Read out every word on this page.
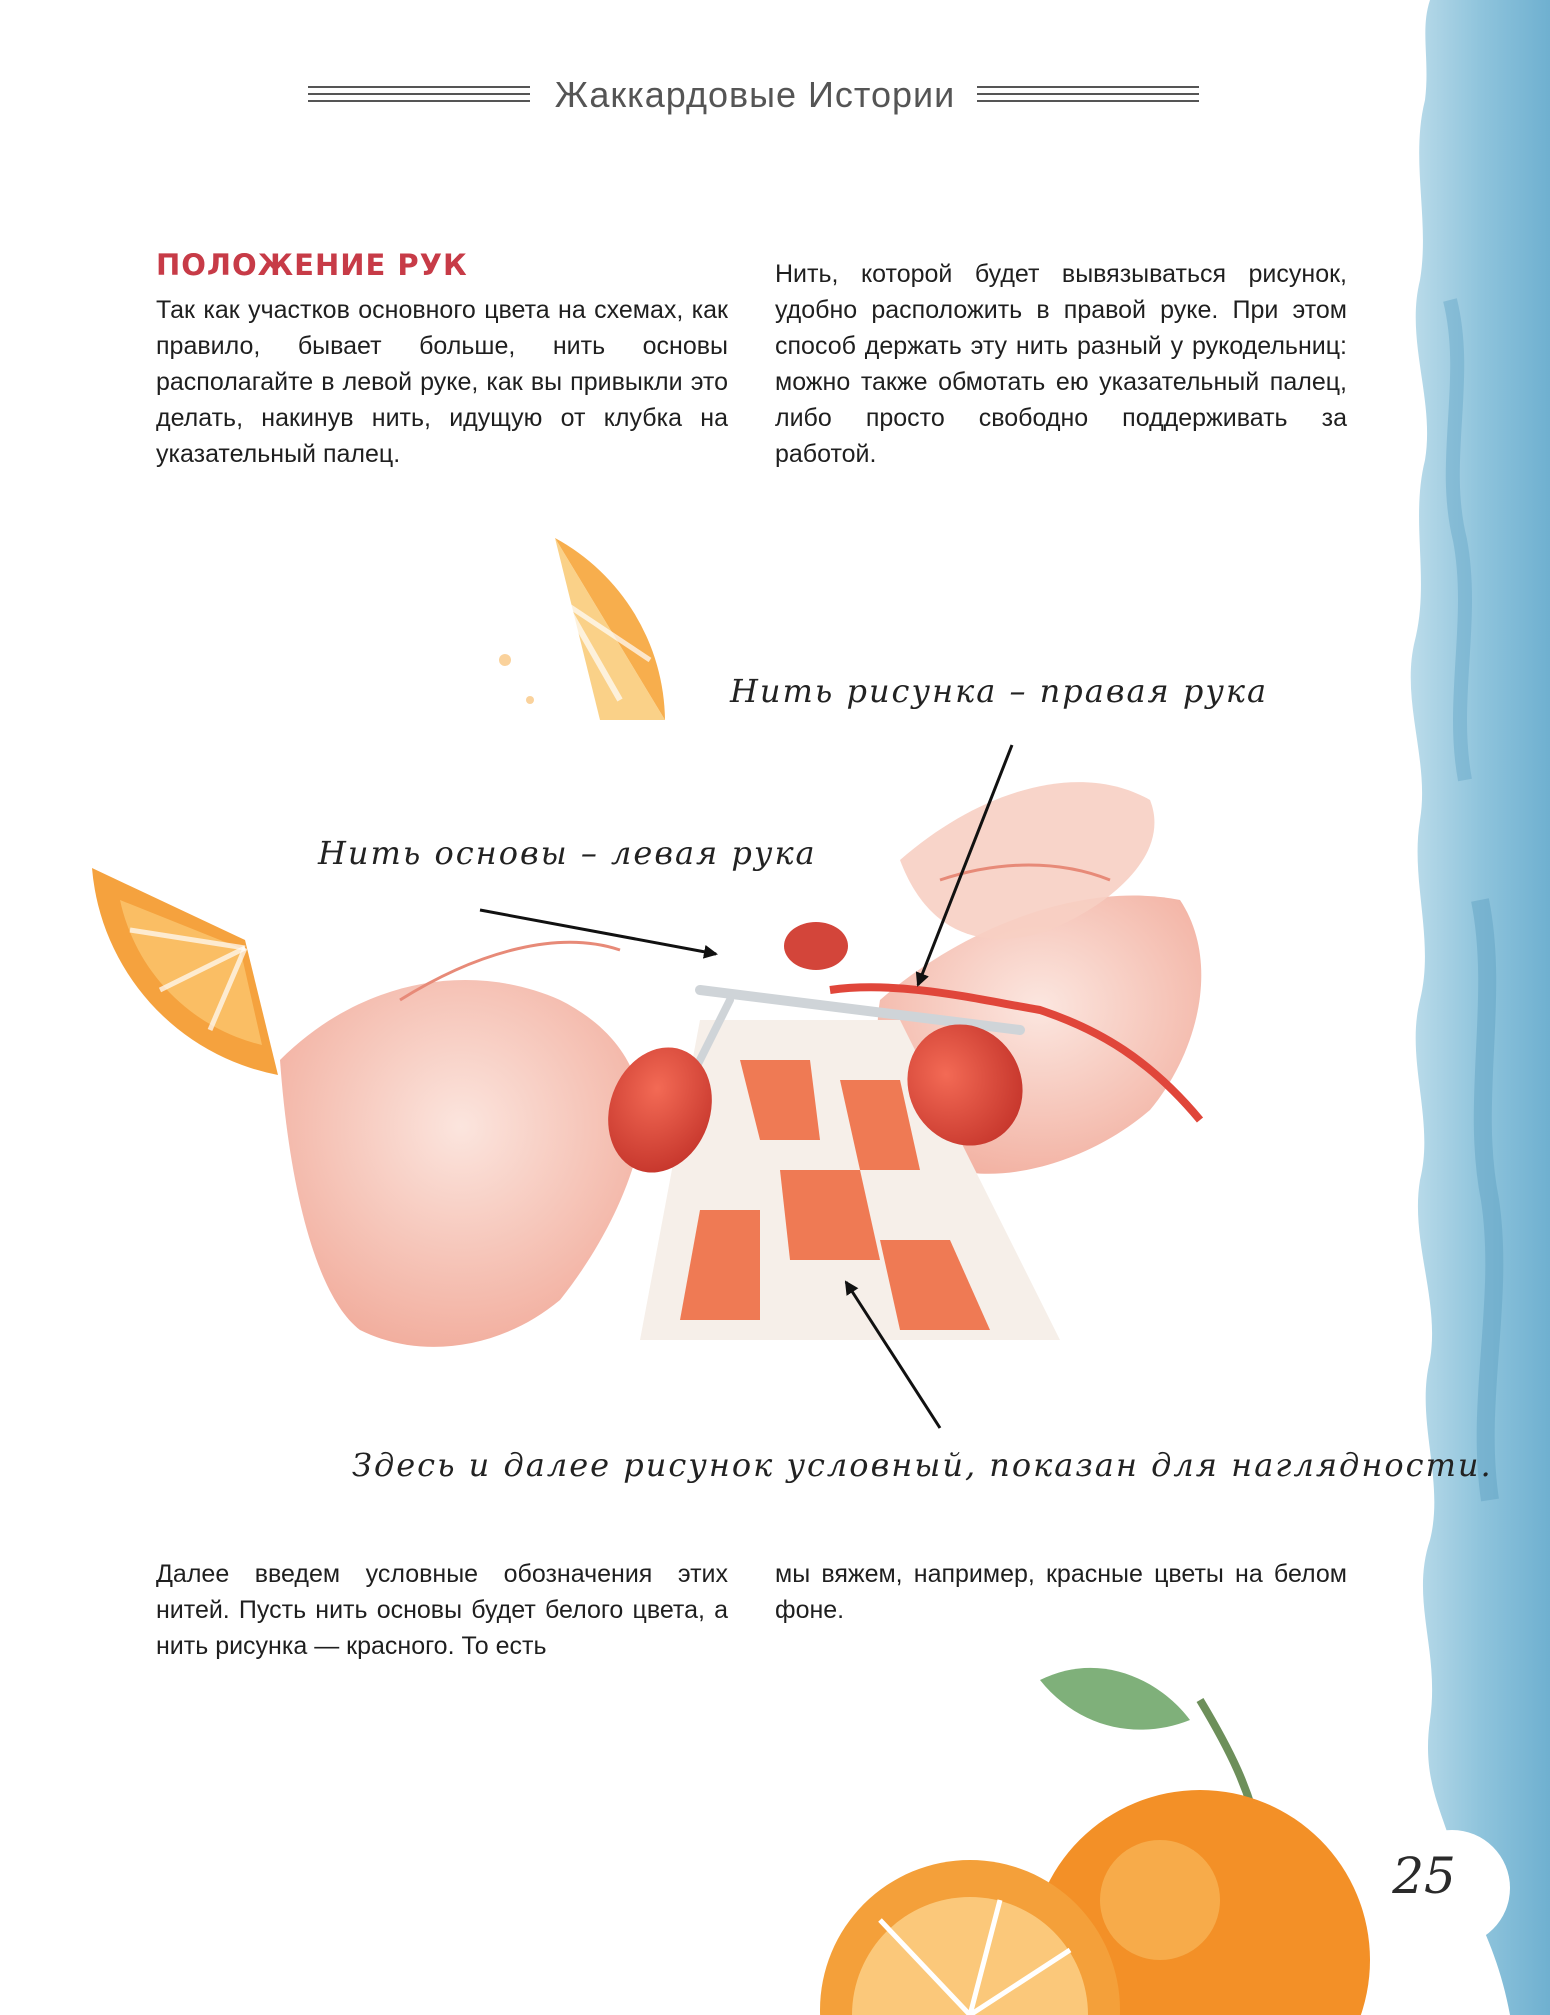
25
Жаккардовые Истории
ПОЛОЖЕНИЕ РУК
Так как участков основного цвета на схемах, как правило, бывает больше, нить основы располагайте в левой руке, как вы привыкли это делать, накинув нить, идущую от клубка на указательный палец.
Нить, которой будет вывязываться рисунок, удобно расположить в правой руке. При этом способ держать эту нить разный у рукодельниц: можно также обмотать ею указательный палец, либо просто свободно поддерживать за работой.
Нить рисунка – правая рука
Нить основы – левая рука
Здесь и далее рисунок условный, показан для наглядности.
Далее введем условные обозначения этих нитей. Пусть нить основы будет белого цвета, а нить рисунка — красного. То есть
мы вяжем, например, красные цветы на белом фоне.
